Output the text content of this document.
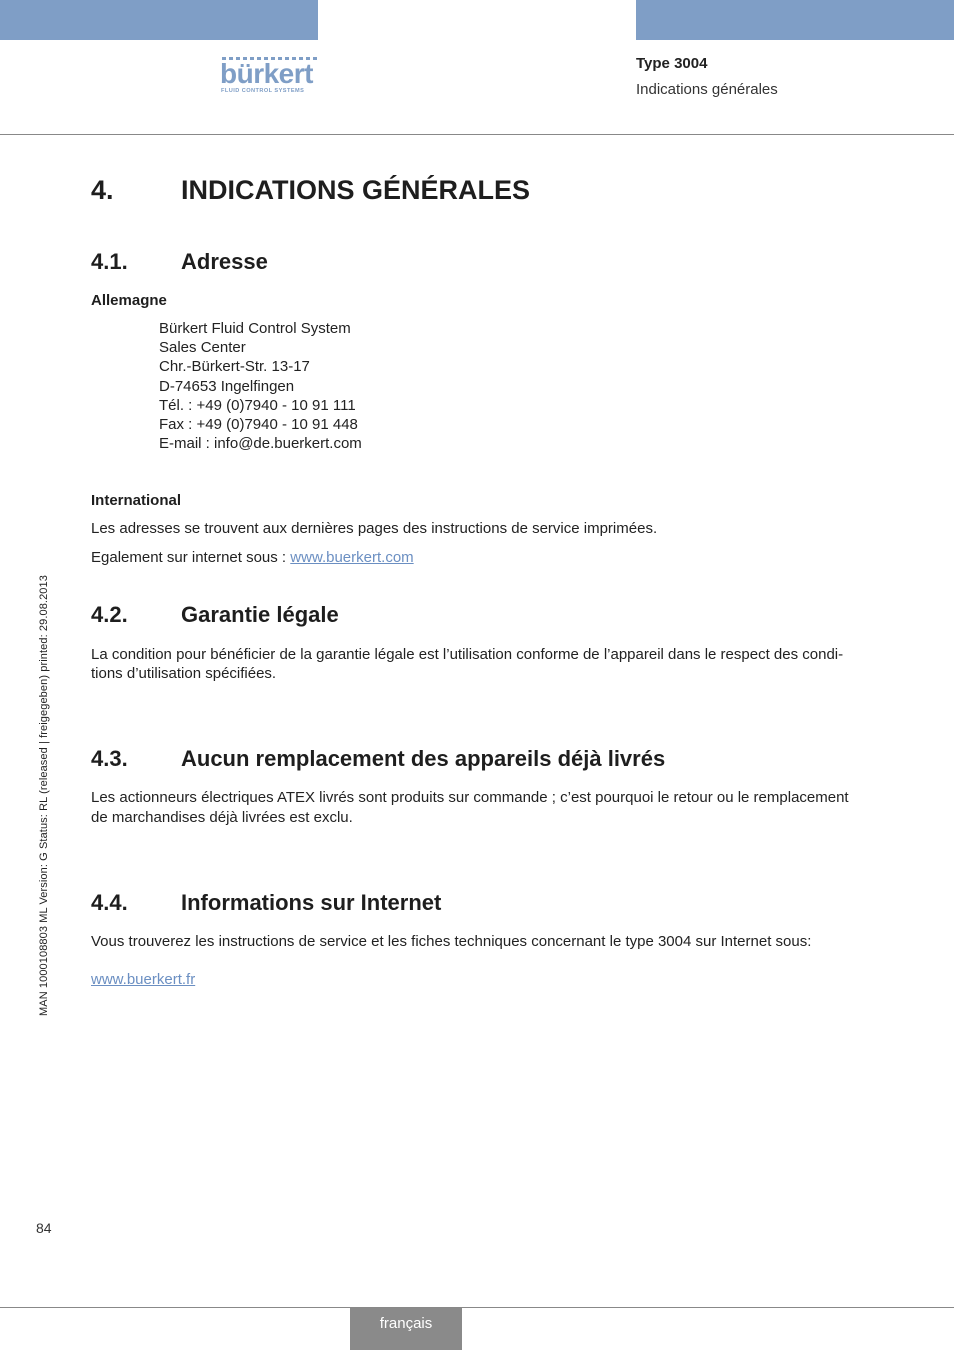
bürkert
FLUID CONTROL SYSTEMS
Type 3004
Indications générales
MAN 1000108803 ML Version: G Status: RL (released | freigegeben) printed: 29.08.2013
4. INDICATIONS GÉNÉRALES
4.1. Adresse
Allemagne
Bürkert Fluid Control System
Sales Center
Chr.-Bürkert-Str. 13-17
D-74653 Ingelfingen
Tél. : +49 (0)7940 - 10 91 111
Fax : +49 (0)7940 - 10 91 448
E-mail : info@de.buerkert.com
International
Les adresses se trouvent aux dernières pages des instructions de service imprimées.
Egalement sur internet sous : www.buerkert.com
4.2. Garantie légale
La condition pour bénéficier de la garantie légale est l’utilisation conforme de l’appareil dans le respect des condi-
tions d’utilisation spécifiées.
4.3. Aucun remplacement des appareils déjà livrés
Les actionneurs électriques ATEX livrés sont produits sur commande ; c’est pourquoi le retour ou le remplacement
de marchandises déjà livrées est exclu.
4.4. Informations sur Internet
Vous trouverez les instructions de service et les fiches techniques concernant le type 3004 sur Internet sous:
www.buerkert.fr
84
français
